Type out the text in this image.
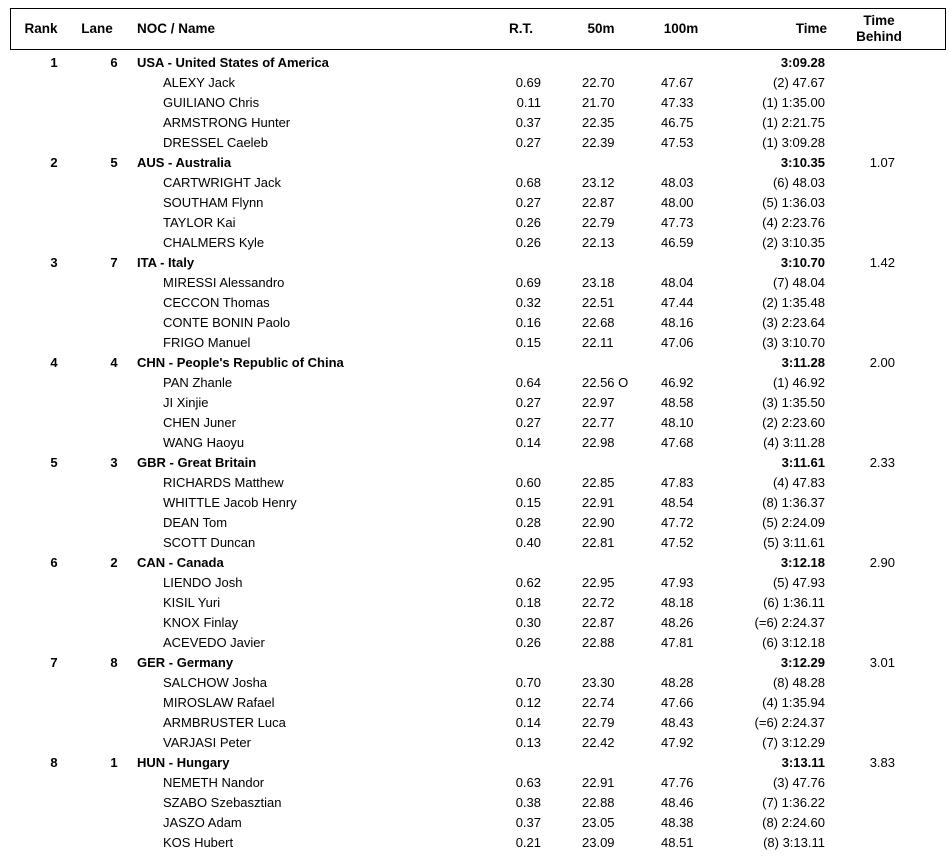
Rank	Lane	NOC / Name	R.T.	50m	100m	Time
Time
Behind
1	6	USA - United States of America	3:09.28
ALEXY Jack	0.69	22.70	47.67	(2) 47.67
GUILIANO Chris	0.11	21.70	47.33	(1) 1:35.00
ARMSTRONG Hunter	0.37	22.35	46.75	(1) 2:21.75
DRESSEL Caeleb	0.27	22.39	47.53	(1) 3:09.28
2	5	AUS - Australia	3:10.35	1.07
CARTWRIGHT Jack	0.68	23.12	48.03	(6) 48.03
SOUTHAM Flynn	0.27	22.87	48.00	(5) 1:36.03
TAYLOR Kai	0.26	22.79	47.73	(4) 2:23.76
CHALMERS Kyle	0.26	22.13	46.59	(2) 3:10.35
3	7	ITA - Italy	3:10.70	1.42
MIRESSI Alessandro	0.69	23.18	48.04	(7) 48.04
CECCON Thomas	0.32	22.51	47.44	(2) 1:35.48
CONTE BONIN Paolo	0.16	22.68	48.16	(3) 2:23.64
FRIGO Manuel	0.15	22.11	47.06	(3) 3:10.70
4	4	CHN - People's Republic of China	3:11.28	2.00
PAN Zhanle	0.64	22.56 O	46.92	(1) 46.92
JI Xinjie	0.27	22.97	48.58	(3) 1:35.50
CHEN Juner	0.27	22.77	48.10	(2) 2:23.60
WANG Haoyu	0.14	22.98	47.68	(4) 3:11.28
5	3	GBR - Great Britain	3:11.61	2.33
RICHARDS Matthew	0.60	22.85	47.83	(4) 47.83
WHITTLE Jacob Henry	0.15	22.91	48.54	(8) 1:36.37
DEAN Tom	0.28	22.90	47.72	(5) 2:24.09
SCOTT Duncan	0.40	22.81	47.52	(5) 3:11.61
6	2	CAN - Canada	3:12.18	2.90
LIENDO Josh	0.62	22.95	47.93	(5) 47.93
KISIL Yuri	0.18	22.72	48.18	(6) 1:36.11
KNOX Finlay	0.30	22.87	48.26	(=6) 2:24.37
ACEVEDO Javier	0.26	22.88	47.81	(6) 3:12.18
7	8	GER - Germany	3:12.29	3.01
SALCHOW Josha	0.70	23.30	48.28	(8) 48.28
MIROSLAW Rafael	0.12	22.74	47.66	(4) 1:35.94
ARMBRUSTER Luca	0.14	22.79	48.43	(=6) 2:24.37
VARJASI Peter	0.13	22.42	47.92	(7) 3:12.29
8	1	HUN - Hungary	3:13.11	3.83
NEMETH Nandor	0.63	22.91	47.76	(3) 47.76
SZABO Szebasztian	0.38	22.88	48.46	(7) 1:36.22
JASZO Adam	0.37	23.05	48.38	(8) 2:24.60
KOS Hubert	0.21	23.09	48.51	(8) 3:13.11
